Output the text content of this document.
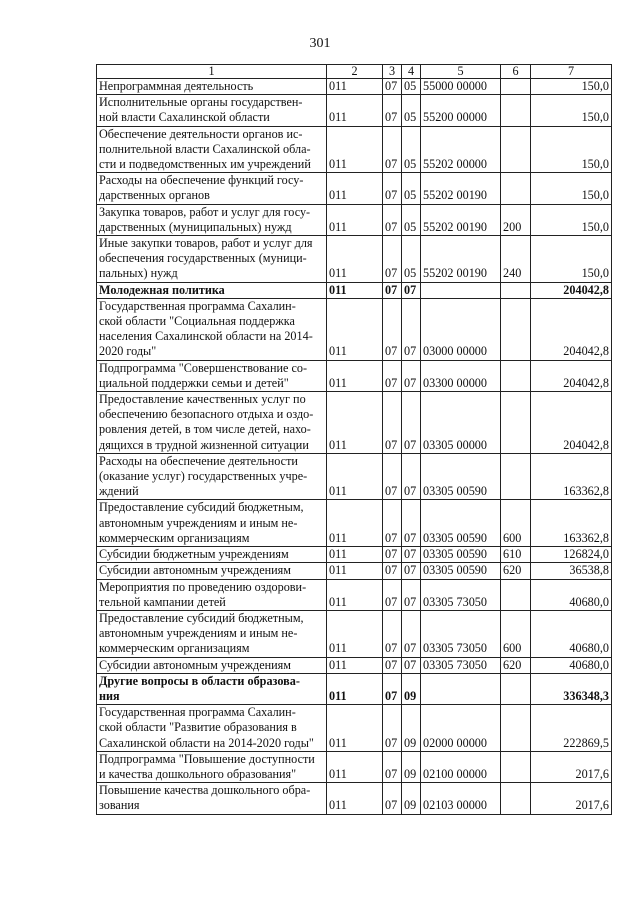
301
1	2	3	4	5	6	7

Непрограммная деятельность	011	07	05	55000 00000		150,0

Исполнительные органы государствен-
ной власти Сахалинской области	011	07	05	55200 00000		150,0

Обеспечение деятельности органов ис-
полнительной власти Сахалинской обла-
сти и подведомственных им учреждений	011	07	05	55202 00000		150,0

Расходы на обеспечение функций госу-
дарственных органов	011	07	05	55202 00190		150,0

Закупка товаров, работ и услуг для госу-
дарственных (муниципальных) нужд	011	07	05	55202 00190	200	150,0

Иные закупки товаров, работ и услуг для
обеспечения государственных (муници-
пальных) нужд	011	07	05	55202 00190	240	150,0

Молодежная политика	011	07	07			204042,8

Государственная программа Сахалин-
ской области "Социальная поддержка
населения Сахалинской области на 2014-
2020 годы"	011	07	07	03000 00000		204042,8

Подпрограмма "Совершенствование со-
циальной поддержки семьи и детей"	011	07	07	03300 00000		204042,8

Предоставление качественных услуг по
обеспечению безопасного отдыха и оздо-
ровления детей, в том числе детей, нахо-
дящихся в трудной жизненной ситуации	011	07	07	03305 00000		204042,8

Расходы на обеспечение деятельности
(оказание услуг) государственных учре-
ждений	011	07	07	03305 00590		163362,8

Предоставление субсидий бюджетным,
автономным учреждениям и иным не-
коммерческим организациям	011	07	07	03305 00590	600	163362,8

Субсидии бюджетным учреждениям	011	07	07	03305 00590	610	126824,0

Субсидии автономным учреждениям	011	07	07	03305 00590	620	36538,8

Мероприятия по проведению оздорови-
тельной кампании детей	011	07	07	03305 73050		40680,0

Предоставление субсидий бюджетным,
автономным учреждениям и иным не-
коммерческим организациям	011	07	07	03305 73050	600	40680,0

Субсидии автономным учреждениям	011	07	07	03305 73050	620	40680,0

Другие вопросы в области образова-
ния	011	07	09			336348,3

Государственная программа Сахалин-
ской области "Развитие образования в
Сахалинской области на 2014-2020 годы"	011	07	09	02000 00000		222869,5

Подпрограмма "Повышение доступности
и качества дошкольного образования"	011	07	09	02100 00000		2017,6

Повышение качества дошкольного обра-
зования	011	07	09	02103 00000		2017,6
